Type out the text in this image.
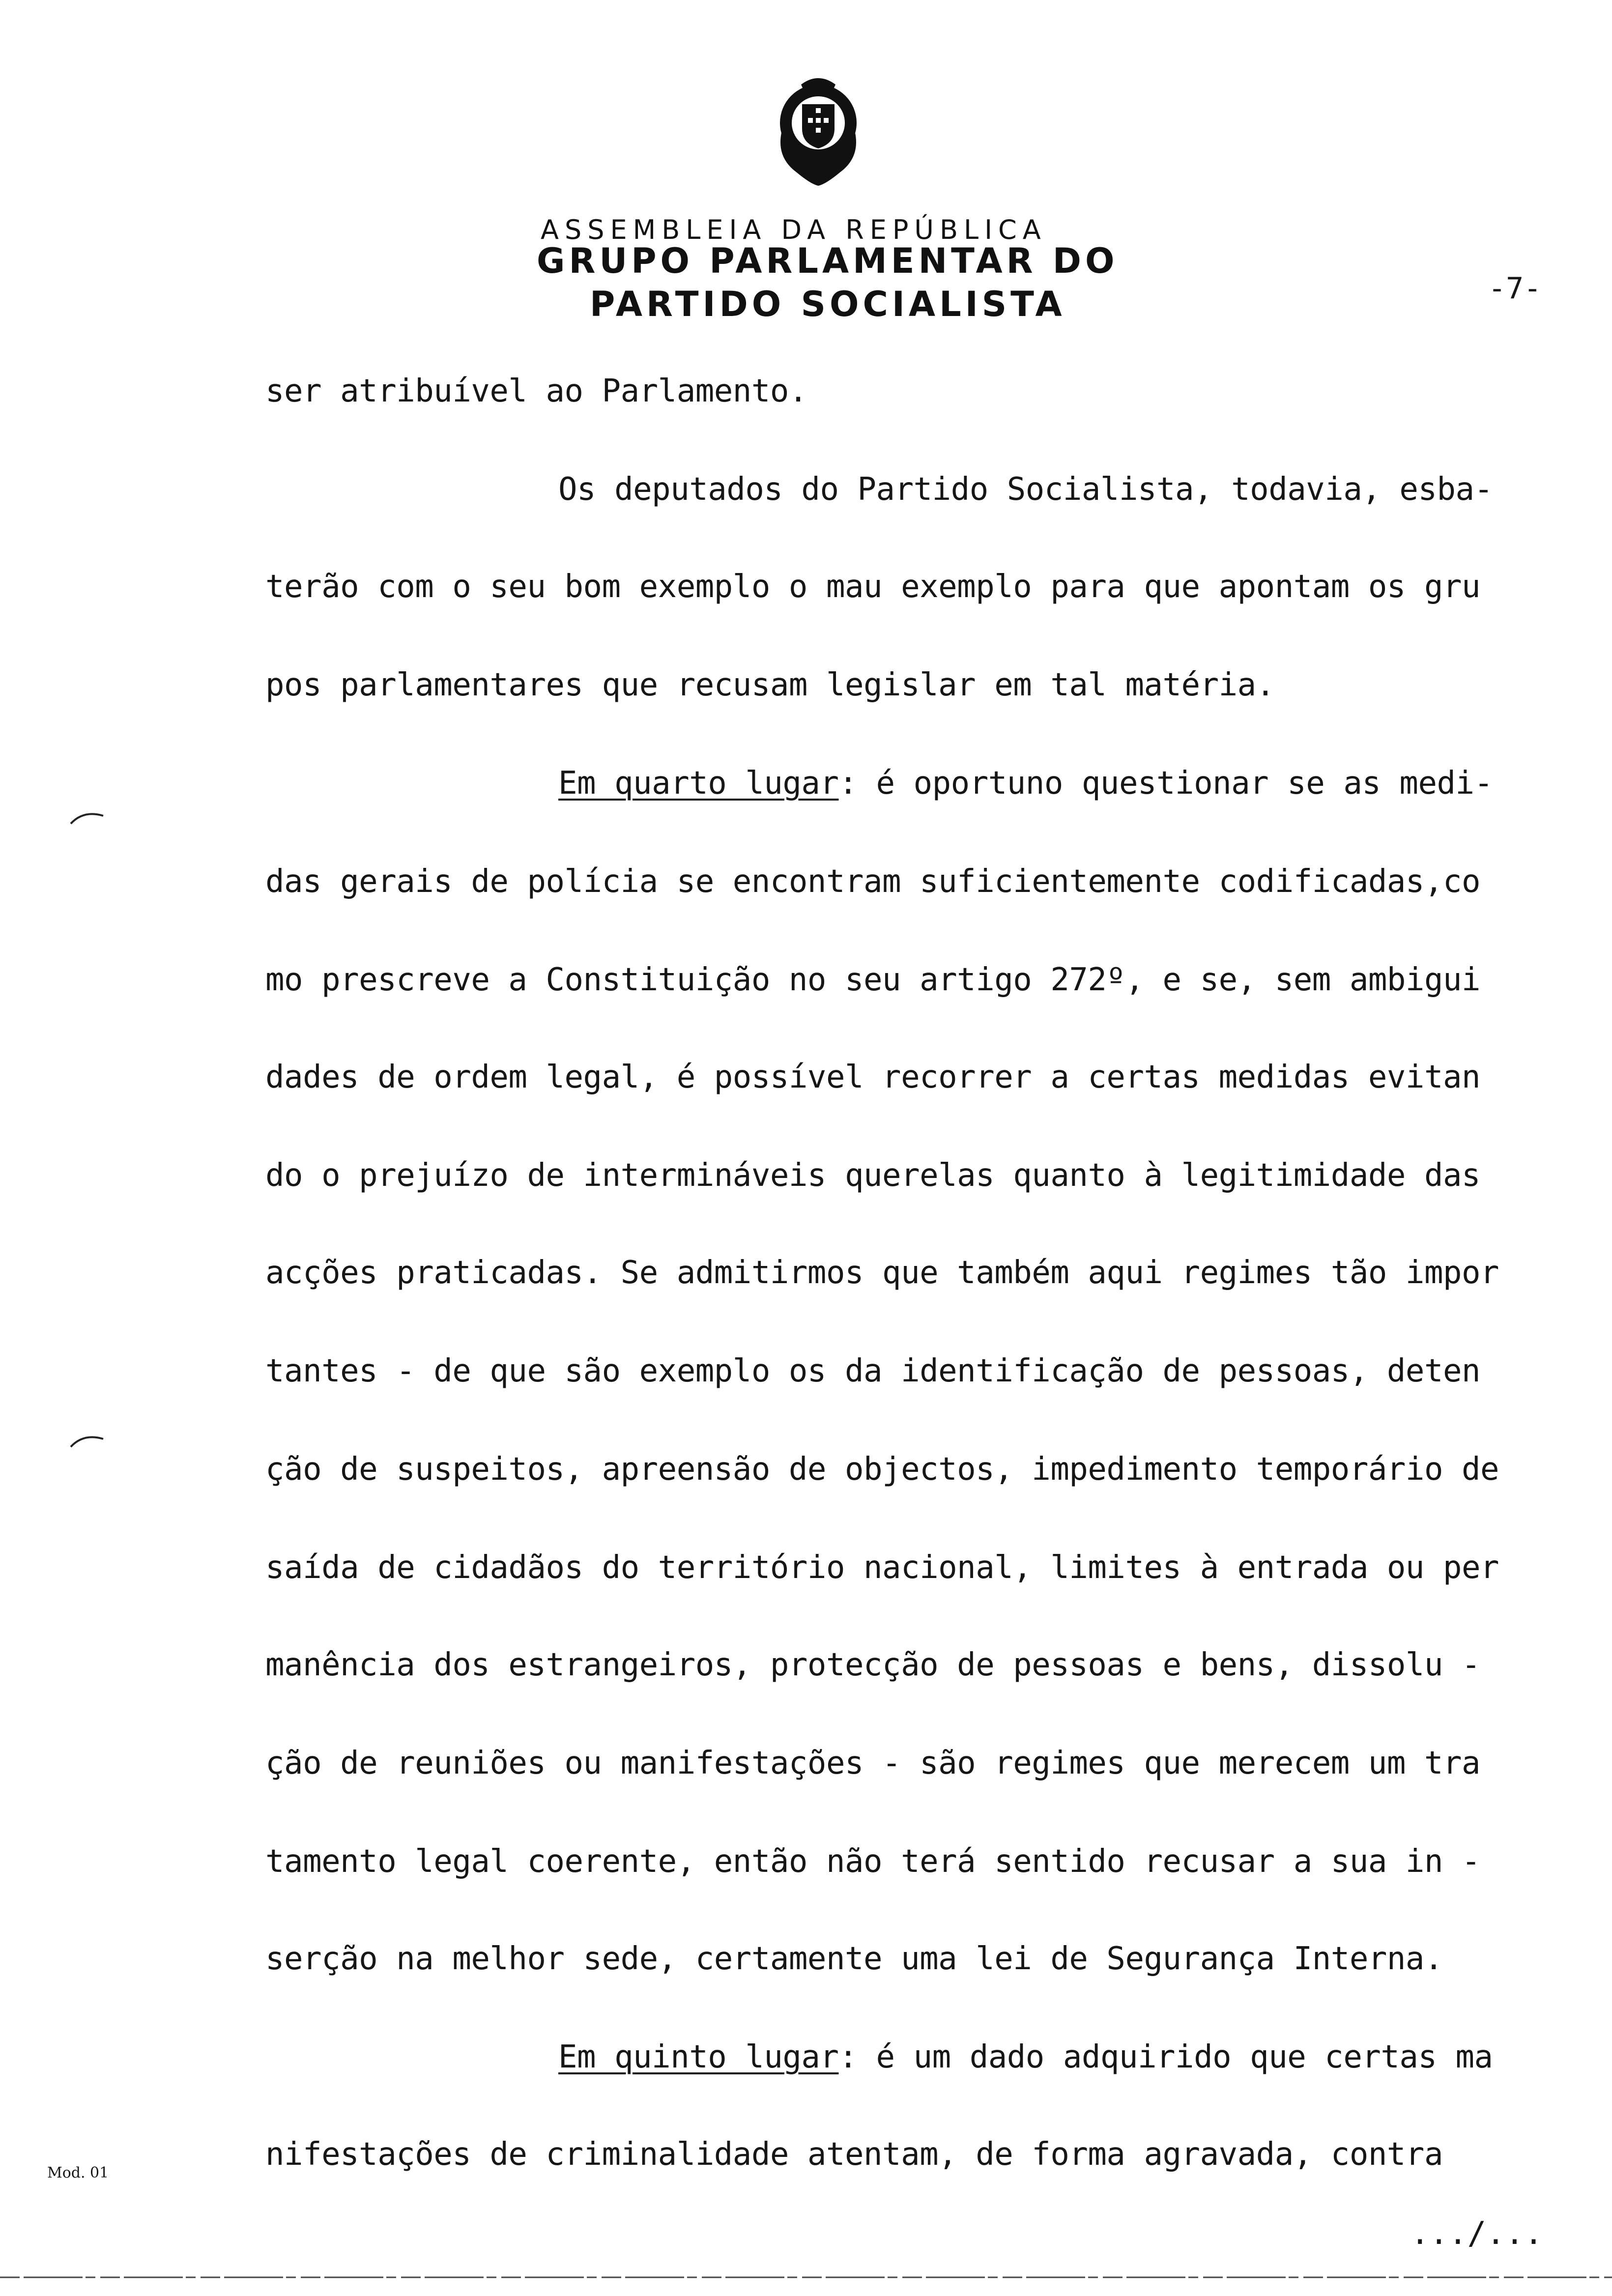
ASSEMBLEIA DA REPÚBLICA
GRUPO PARLAMENTAR DO
PARTIDO SOCIALISTA	-7-
ser atribuível ao Parlamento.
Os deputados do Partido Socialista, todavia, esba-
terão com o seu bom exemplo o mau exemplo para que apontam os gru
pos parlamentares que recusam legislar em tal matéria.
Em quarto lugar: é oportuno questionar se as medi-
das gerais de polícia se encontram suficientemente codificadas,co
mo prescreve a Constituição no seu artigo 272º, e se, sem ambigui
dades de ordem legal, é possível recorrer a certas medidas evitan
do o prejuízo de intermináveis querelas quanto à legitimidade das
acções praticadas. Se admitirmos que também aqui regimes tão impor
tantes - de que são exemplo os da identificação de pessoas, deten
ção de suspeitos, apreensão de objectos, impedimento temporário de
saída de cidadãos do território nacional, limites à entrada ou per
manência dos estrangeiros, protecção de pessoas e bens, dissolu -
ção de reuniões ou manifestações - são regimes que merecem um tra
tamento legal coerente, então não terá sentido recusar a sua in -
serção na melhor sede, certamente uma lei de Segurança Interna.
Em quinto lugar: é um dado adquirido que certas ma
nifestações de criminalidade atentam, de forma agravada, contra
Mod. 01
.../...
